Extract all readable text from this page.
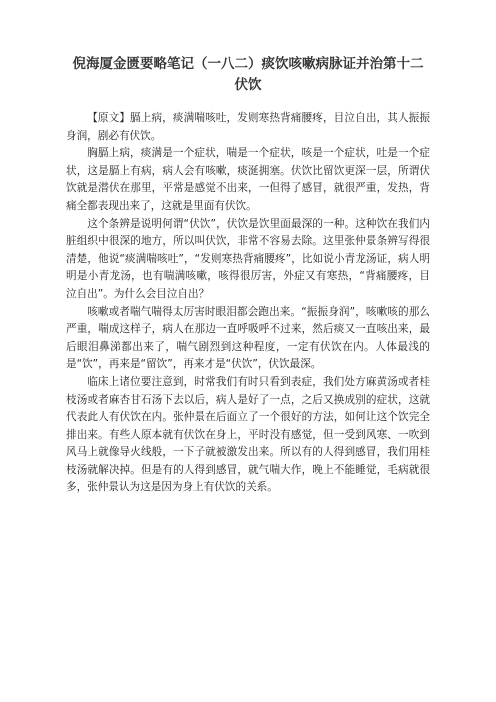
倪海厦金匮要略笔记（一八二）痰饮咳嗽病脉证并治第十二伏饮

【原文】膈上病，痰满喘咳吐，发则寒热背痛腰疼，目泣自出，其人振振身润，剧必有伏饮。

胸膈上病，痰满是一个症状，喘是一个症状，咳是一个症状，吐是一个症状，这是膈上有病，病人会有咳嗽，痰涎拥塞。伏饮比留饮更深一层，所谓伏饮就是潜伏在那里，平常是感觉不出来，一但得了感冒，就很严重，发热，背痛全都表现出来了，这就是里面有伏饮。

这个条辨是说明何谓“伏饮”，伏饮是饮里面最深的一种。这种饮在我们内脏组织中很深的地方，所以叫伏饮，非常不容易去除。这里张仲景条辨写得很清楚，他说“痰满喘咳吐”，“发则寒热背痛腰疼”，比如说小青龙汤证，病人明明是小青龙汤，也有喘满咳嗽，咳得很厉害，外症又有寒热，“背痛腰疼，目泣自出”。为什么会目泣自出？

咳嗽或者喘气喘得太厉害时眼泪都会跑出来。“振振身润”，咳嗽咳的那么严重，喘成这样子，病人在那边一直呼吸呼不过来，然后痰又一直咳出来，最后眼泪鼻涕都出来了，喘气剧烈到这种程度，一定有伏饮在内。人体最浅的是“饮”，再来是“留饮”，再来才是“伏饮”，伏饮最深。

临床上诸位要注意到，时常我们有时只看到表症，我们处方麻黄汤或者桂枝汤或者麻杏甘石汤下去以后，病人是好了一点，之后又换成别的症状，这就代表此人有伏饮在内。张仲景在后面立了一个很好的方法，如何让这个饮完全排出来。有些人原本就有伏饮在身上，平时没有感觉，但一受到风寒、一吹到风马上就像导火线般，一下子就被激发出来。所以有的人得到感冒，我们用桂枝汤就解决掉。但是有的人得到感冒，就气喘大作，晚上不能睡觉，毛病就很多，张仲景认为这是因为身上有伏饮的关系。
